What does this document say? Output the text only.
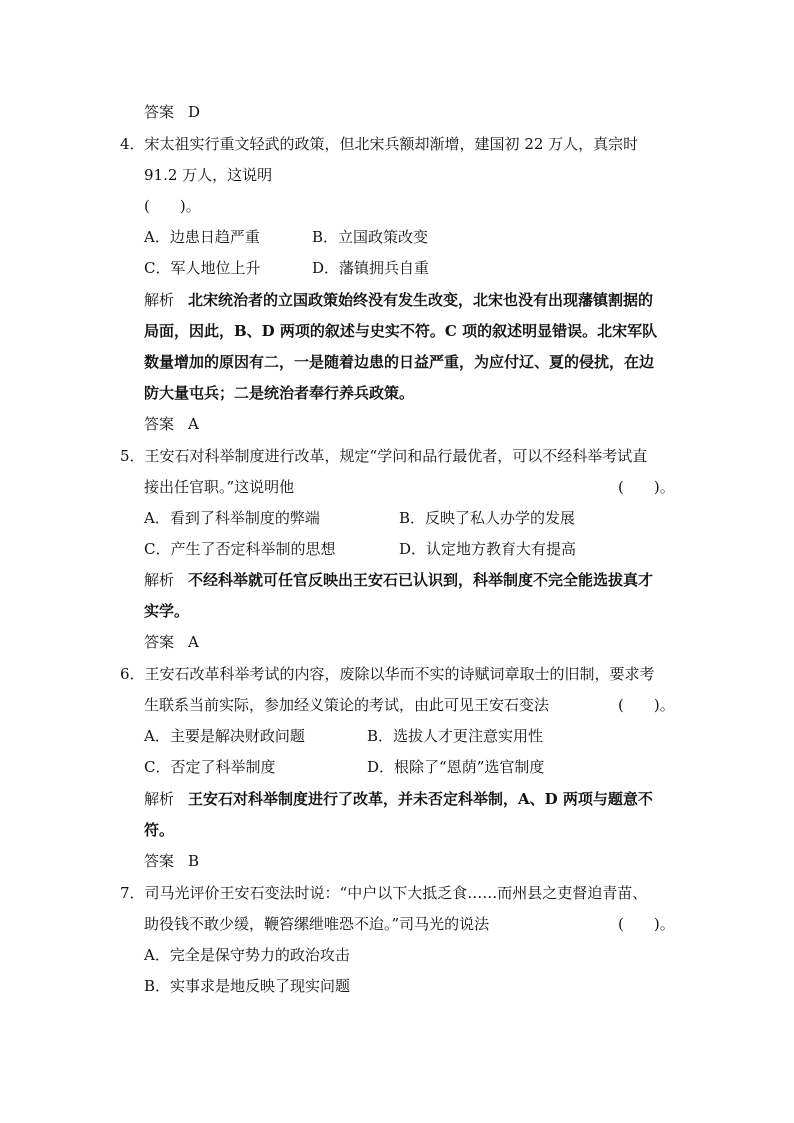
答案 D
4．宋太祖实行重文轻武的政策，但北宋兵额却渐增，建国初 22 万人，真宗时
91.2 万人，这说明
(　　)。
A．边患日趋严重	B．立国政策改变
C．军人地位上升	D．藩镇拥兵自重
解析 北宋统治者的立国政策始终没有发生改变，北宋也没有出现藩镇割据的
局面，因此，B、D 两项的叙述与史实不符。C 项的叙述明显错误。北宋军队
数量增加的原因有二，一是随着边患的日益严重，为应付辽、夏的侵扰，在边
防大量屯兵；二是统治者奉行养兵政策。
答案 A
5．王安石对科举制度进行改革，规定“学问和品行最优者，可以不经科举考试直
接出任官职。”这说明他	(　　)。
A．看到了科举制度的弊端	B．反映了私人办学的发展
C．产生了否定科举制的思想	D．认定地方教育大有提高
解析 不经科举就可任官反映出王安石已认识到，科举制度不完全能选拔真才
实学。
答案 A
6．王安石改革科举考试的内容，废除以华而不实的诗赋词章取士的旧制，要求考
生联系当前实际，参加经义策论的考试，由此可见王安石变法	(　　)。
A．主要是解决财政问题	B．选拔人才更注意实用性
C．否定了科举制度	D．根除了“恩荫”选官制度
解析 王安石对科举制度进行了改革，并未否定科举制，A、D 两项与题意不
符。
答案 B
7．司马光评价王安石变法时说：“中户以下大抵乏食……而州县之吏督迫青苗、
助役钱不敢少缓，鞭笞缧绁唯恐不迨。”司马光的说法	(　　)。
A．完全是保守势力的政治攻击
B．实事求是地反映了现实问题
